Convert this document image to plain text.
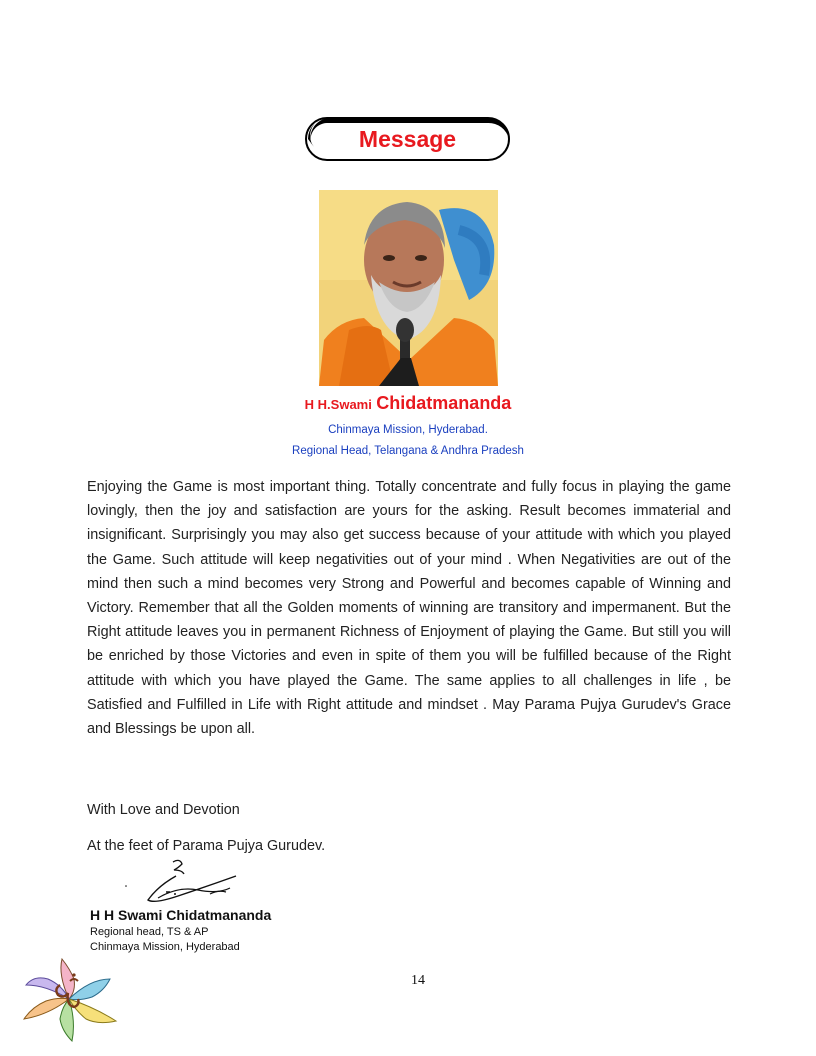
Message
H H.Swami Chidatmananda
Chinmaya Mission, Hyderabad.
Regional Head, Telangana & Andhra Pradesh
Enjoying the Game is most important thing. Totally concentrate and fully focus in playing the game lovingly, then the joy and satisfaction are yours for the asking. Result becomes immaterial and insignificant. Surprisingly you may also get success because of your attitude with which you played the Game. Such attitude will keep negativities out of your mind . When Negativities are out of the mind then such a mind becomes very Strong and Powerful and becomes capable of Winning and Victory. Remember that all the Golden moments of winning are transitory and impermanent. But the Right attitude leaves you in permanent Richness of Enjoyment of playing the Game. But still you will be enriched by those Victories and even in spite of them you will be fulfilled because of the Right attitude with which you have played the Game. The same applies to all challenges in life , be Satisfied and Fulfilled in Life with Right attitude and mindset . May Parama Pujya Gurudev's Grace and Blessings be upon all.
With Love and Devotion
At the feet of Parama Pujya Gurudev.
H H Swami Chidatmananda
Regional head, TS & AP
Chinmaya Mission, Hyderabad
14
